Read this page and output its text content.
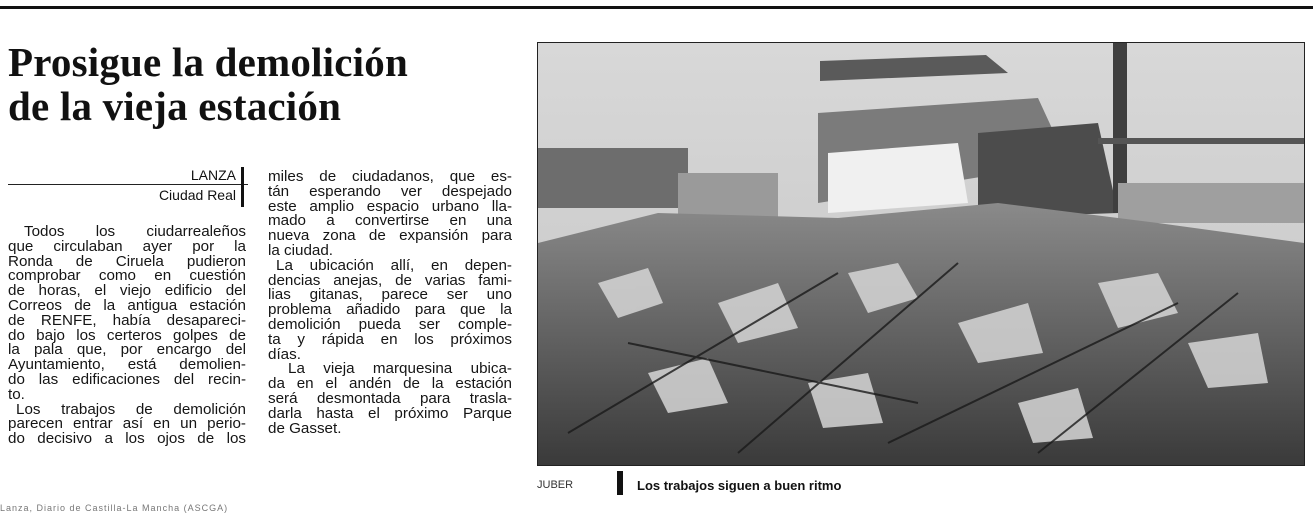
Prosigue la demolición
de la vieja estación
LANZA
Ciudad Real
Todos los ciudarrealeños
que circulaban ayer por la
Ronda de Ciruela pudieron
comprobar como en cuestión
de horas, el viejo edificio del
Correos de la antigua estación
de RENFE, había desapareci-
do bajo los certeros golpes de
la pala que, por encargo del
Ayuntamiento, está demolien-
do las edificaciones del recin-
to.
Los trabajos de demolición
parecen entrar así en un perio-
do decisivo a los ojos de los
miles de ciudadanos, que es-
tán esperando ver despejado
este amplio espacio urbano lla-
mado a convertirse en una
nueva zona de expansión para
la ciudad.
La ubicación allí, en depen-
dencias anejas, de varias fami-
lias gitanas, parece ser uno
problema añadido para que la
demolición pueda ser comple-
ta y rápida en los próximos
días.
La vieja marquesina ubica-
da en el andén de la estación
será desmontada para trasla-
darla hasta el próximo Parque
de Gasset.
JUBER	Los trabajos siguen a buen ritmo
Lanza, Diario de Castilla-La Mancha (ASCGA)
